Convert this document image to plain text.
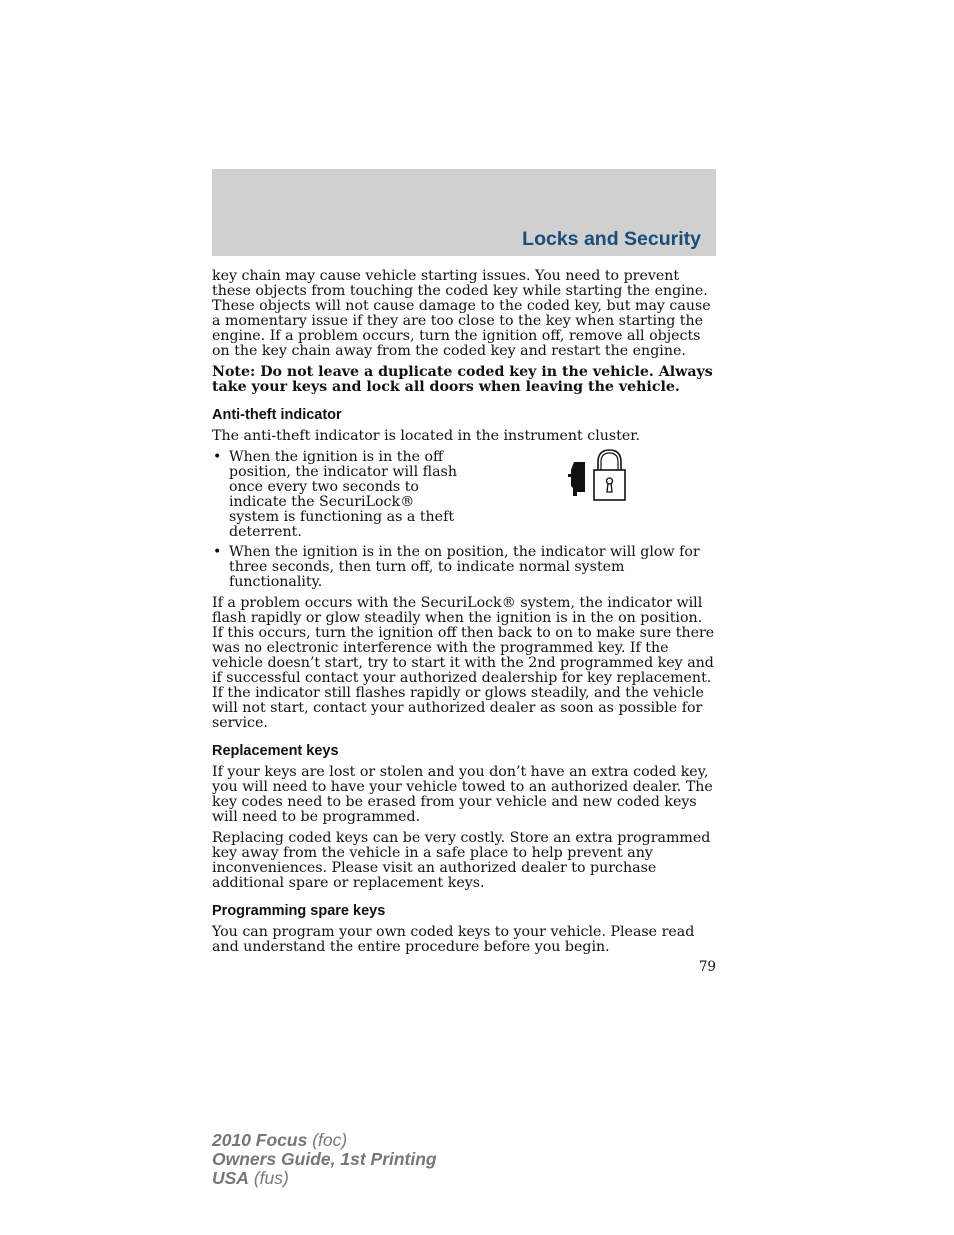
Locks and Security

key chain may cause vehicle starting issues. You need to prevent these objects from touching the coded key while starting the engine. These objects will not cause damage to the coded key, but may cause a momentary issue if they are too close to the key when starting the engine. If a problem occurs, turn the ignition off, remove all objects on the key chain away from the coded key and restart the engine.

Note: Do not leave a duplicate coded key in the vehicle. Always take your keys and lock all doors when leaving the vehicle.

Anti-theft indicator

The anti-theft indicator is located in the instrument cluster.

• When the ignition is in the off position, the indicator will flash once every two seconds to indicate the SecuriLock® system is functioning as a theft deterrent.
• When the ignition is in the on position, the indicator will glow for three seconds, then turn off, to indicate normal system functionality.

If a problem occurs with the SecuriLock® system, the indicator will flash rapidly or glow steadily when the ignition is in the on position. If this occurs, turn the ignition off then back to on to make sure there was no electronic interference with the programmed key. If the vehicle doesn’t start, try to start it with the 2nd programmed key and if successful contact your authorized dealership for key replacement. If the indicator still flashes rapidly or glows steadily, and the vehicle will not start, contact your authorized dealer as soon as possible for service.

Replacement keys

If your keys are lost or stolen and you don’t have an extra coded key, you will need to have your vehicle towed to an authorized dealer. The key codes need to be erased from your vehicle and new coded keys will need to be programmed.

Replacing coded keys can be very costly. Store an extra programmed key away from the vehicle in a safe place to help prevent any inconveniences. Please visit an authorized dealer to purchase additional spare or replacement keys.

Programming spare keys

You can program your own coded keys to your vehicle. Please read and understand the entire procedure before you begin.

79
2010 Focus (foc)
Owners Guide, 1st Printing
USA (fus)
